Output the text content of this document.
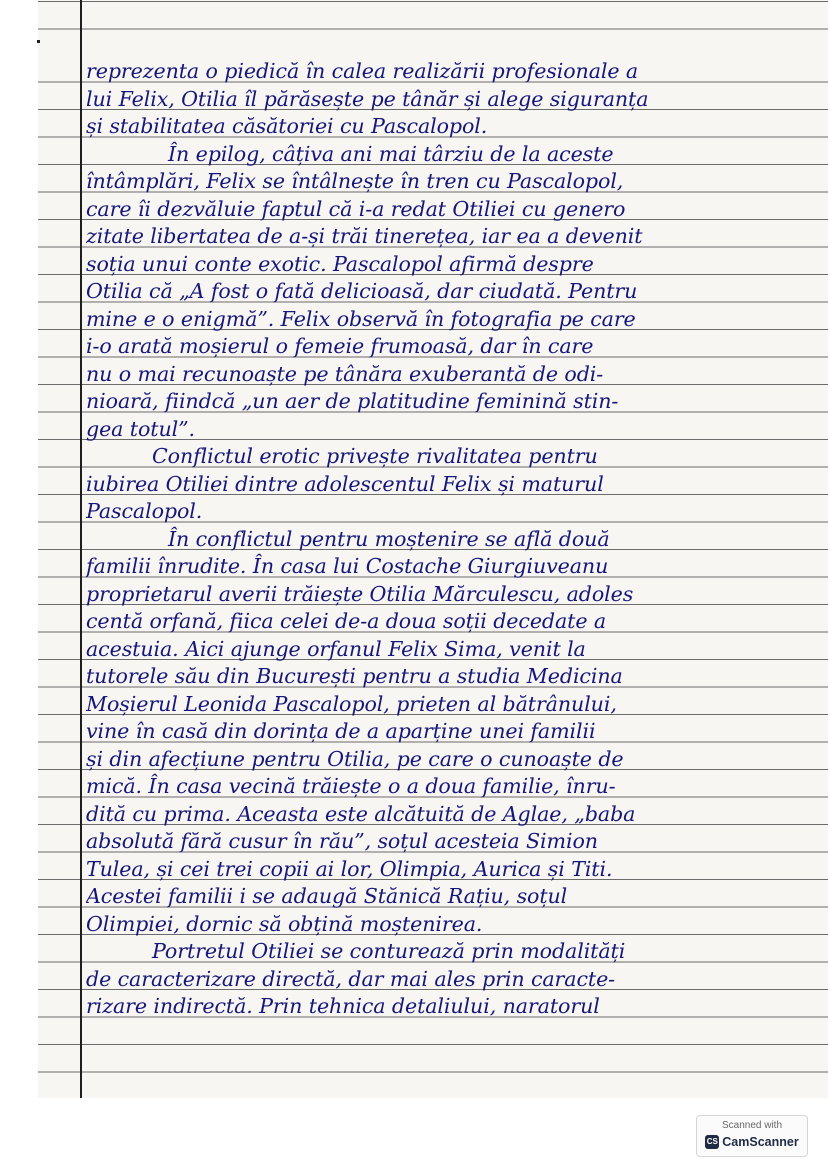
reprezenta o piedică în calea realizării profesionale a
lui Felix, Otilia îl părăsește pe tânăr și alege siguranța
și stabilitatea căsătoriei cu Pascalopol.
În epilog, câțiva ani mai târziu de la aceste
întâmplări, Felix se întâlnește în tren cu Pascalopol,
care îi dezvăluie faptul că i-a redat Otiliei cu genero
zitate libertatea de a-și trăi tinerețea, iar ea a devenit
soția unui conte exotic. Pascalopol afirmă despre
Otilia că „A fost o fată delicioasă, dar ciudată. Pentru
mine e o enigmă”. Felix observă în fotografia pe care
i-o arată moșierul o femeie frumoasă, dar în care
nu o mai recunoaște pe tânăra exuberantă de odi-
nioară, fiindcă „un aer de platitudine feminină stin-
gea totul”.
Conflictul erotic privește rivalitatea pentru
iubirea Otiliei dintre adolescentul Felix și maturul
Pascalopol.
În conflictul pentru moștenire se află două
familii înrudite. În casa lui Costache Giurgiuveanu
proprietarul averii trăiește Otilia Mărculescu, adoles
centă orfană, fiica celei de-a doua soții decedate a
acestuia. Aici ajunge orfanul Felix Sima, venit la
tutorele său din București pentru a studia Medicina
Moșierul Leonida Pascalopol, prieten al bătrânului,
vine în casă din dorința de a aparține unei familii
și din afecțiune pentru Otilia, pe care o cunoaște de
mică. În casa vecină trăiește o a doua familie, înru-
dită cu prima. Aceasta este alcătuită de Aglae, „baba
absolută fără cusur în rău”, soțul acesteia Simion
Tulea, și cei trei copii ai lor, Olimpia, Aurica și Titi.
Acestei familii i se adaugă Stănică Rațiu, soțul
Olimpiei, dornic să obțină moștenirea.
Portretul Otiliei se conturează prin modalități
de caracterizare directă, dar mai ales prin caracte-
rizare indirectă. Prin tehnica detaliului, naratorul
Scanned with
CS CamScanner
